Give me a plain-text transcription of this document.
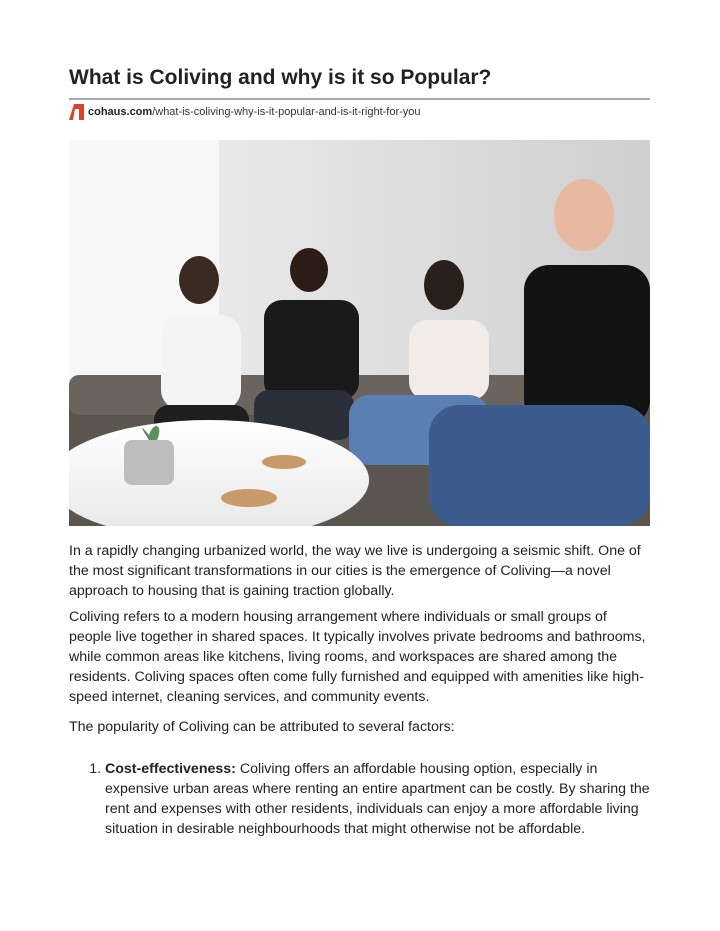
What is Coliving and why is it so Popular?
cohaus.com /what-is-coliving-why-is-it-popular-and-is-it-right-for-you

In a rapidly changing urbanized world, the way we live is undergoing a seismic shift. One of the most significant transformations in our cities is the emergence of Coliving—a novel approach to housing that is gaining traction globally.

Coliving refers to a modern housing arrangement where individuals or small groups of people live together in shared spaces. It typically involves private bedrooms and bathrooms, while common areas like kitchens, living rooms, and workspaces are shared among the residents. Coliving spaces often come fully furnished and equipped with amenities like high-speed internet, cleaning services, and community events.

The popularity of Coliving can be attributed to several factors:

1. Cost-effectiveness: Coliving offers an affordable housing option, especially in expensive urban areas where renting an entire apartment can be costly. By sharing the rent and expenses with other residents, individuals can enjoy a more affordable living situation in desirable neighbourhoods that might otherwise not be affordable.
